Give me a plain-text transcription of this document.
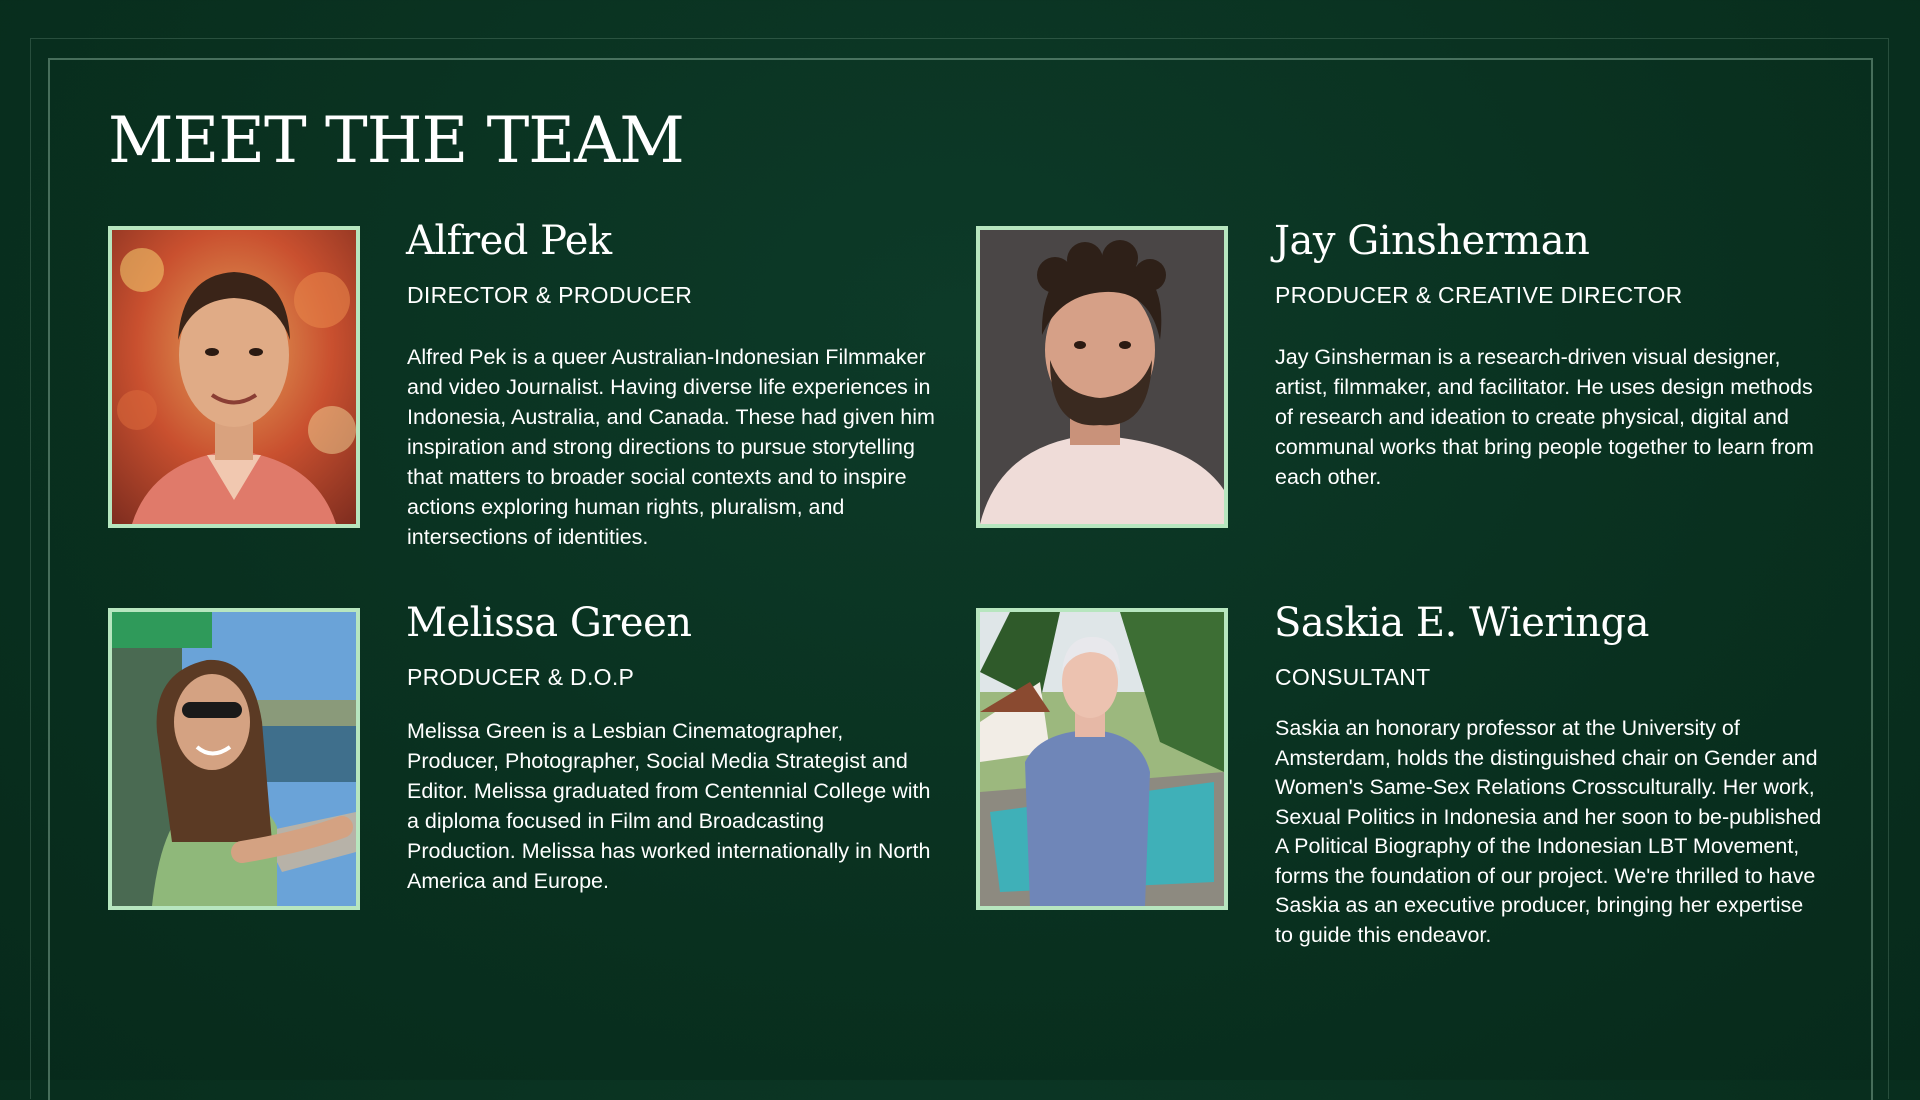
MEET THE TEAM
Alfred Pek
DIRECTOR & PRODUCER

Alfred Pek is a queer Australian-Indonesian Filmmaker and video Journalist. Having diverse life experiences in Indonesia, Australia, and Canada. These had given him inspiration and strong directions to pursue storytelling that matters to broader social contexts and to inspire actions exploring human rights, pluralism, and intersections of identities.

Jay Ginsherman
PRODUCER & CREATIVE DIRECTOR

Jay Ginsherman is a research-driven visual designer, artist, filmmaker, and facilitator. He uses design methods of research and ideation to create physical, digital and communal works that bring people together to learn from each other.

Melissa Green
PRODUCER & D.O.P

Melissa Green is a Lesbian Cinematographer, Producer, Photographer, Social Media Strategist and Editor. Melissa graduated from Centennial College with a diploma focused in Film and Broadcasting Production. Melissa has worked internationally in North America and Europe.

Saskia E. Wieringa
CONSULTANT

Saskia an honorary professor at the University of Amsterdam, holds the distinguished chair on Gender and Women's Same-Sex Relations Crossculturally. Her work, Sexual Politics in Indonesia and her soon to be-published A Political Biography of the Indonesian LBT Movement, forms the foundation of our project. We're thrilled to have Saskia as an executive producer, bringing her expertise to guide this endeavor.
